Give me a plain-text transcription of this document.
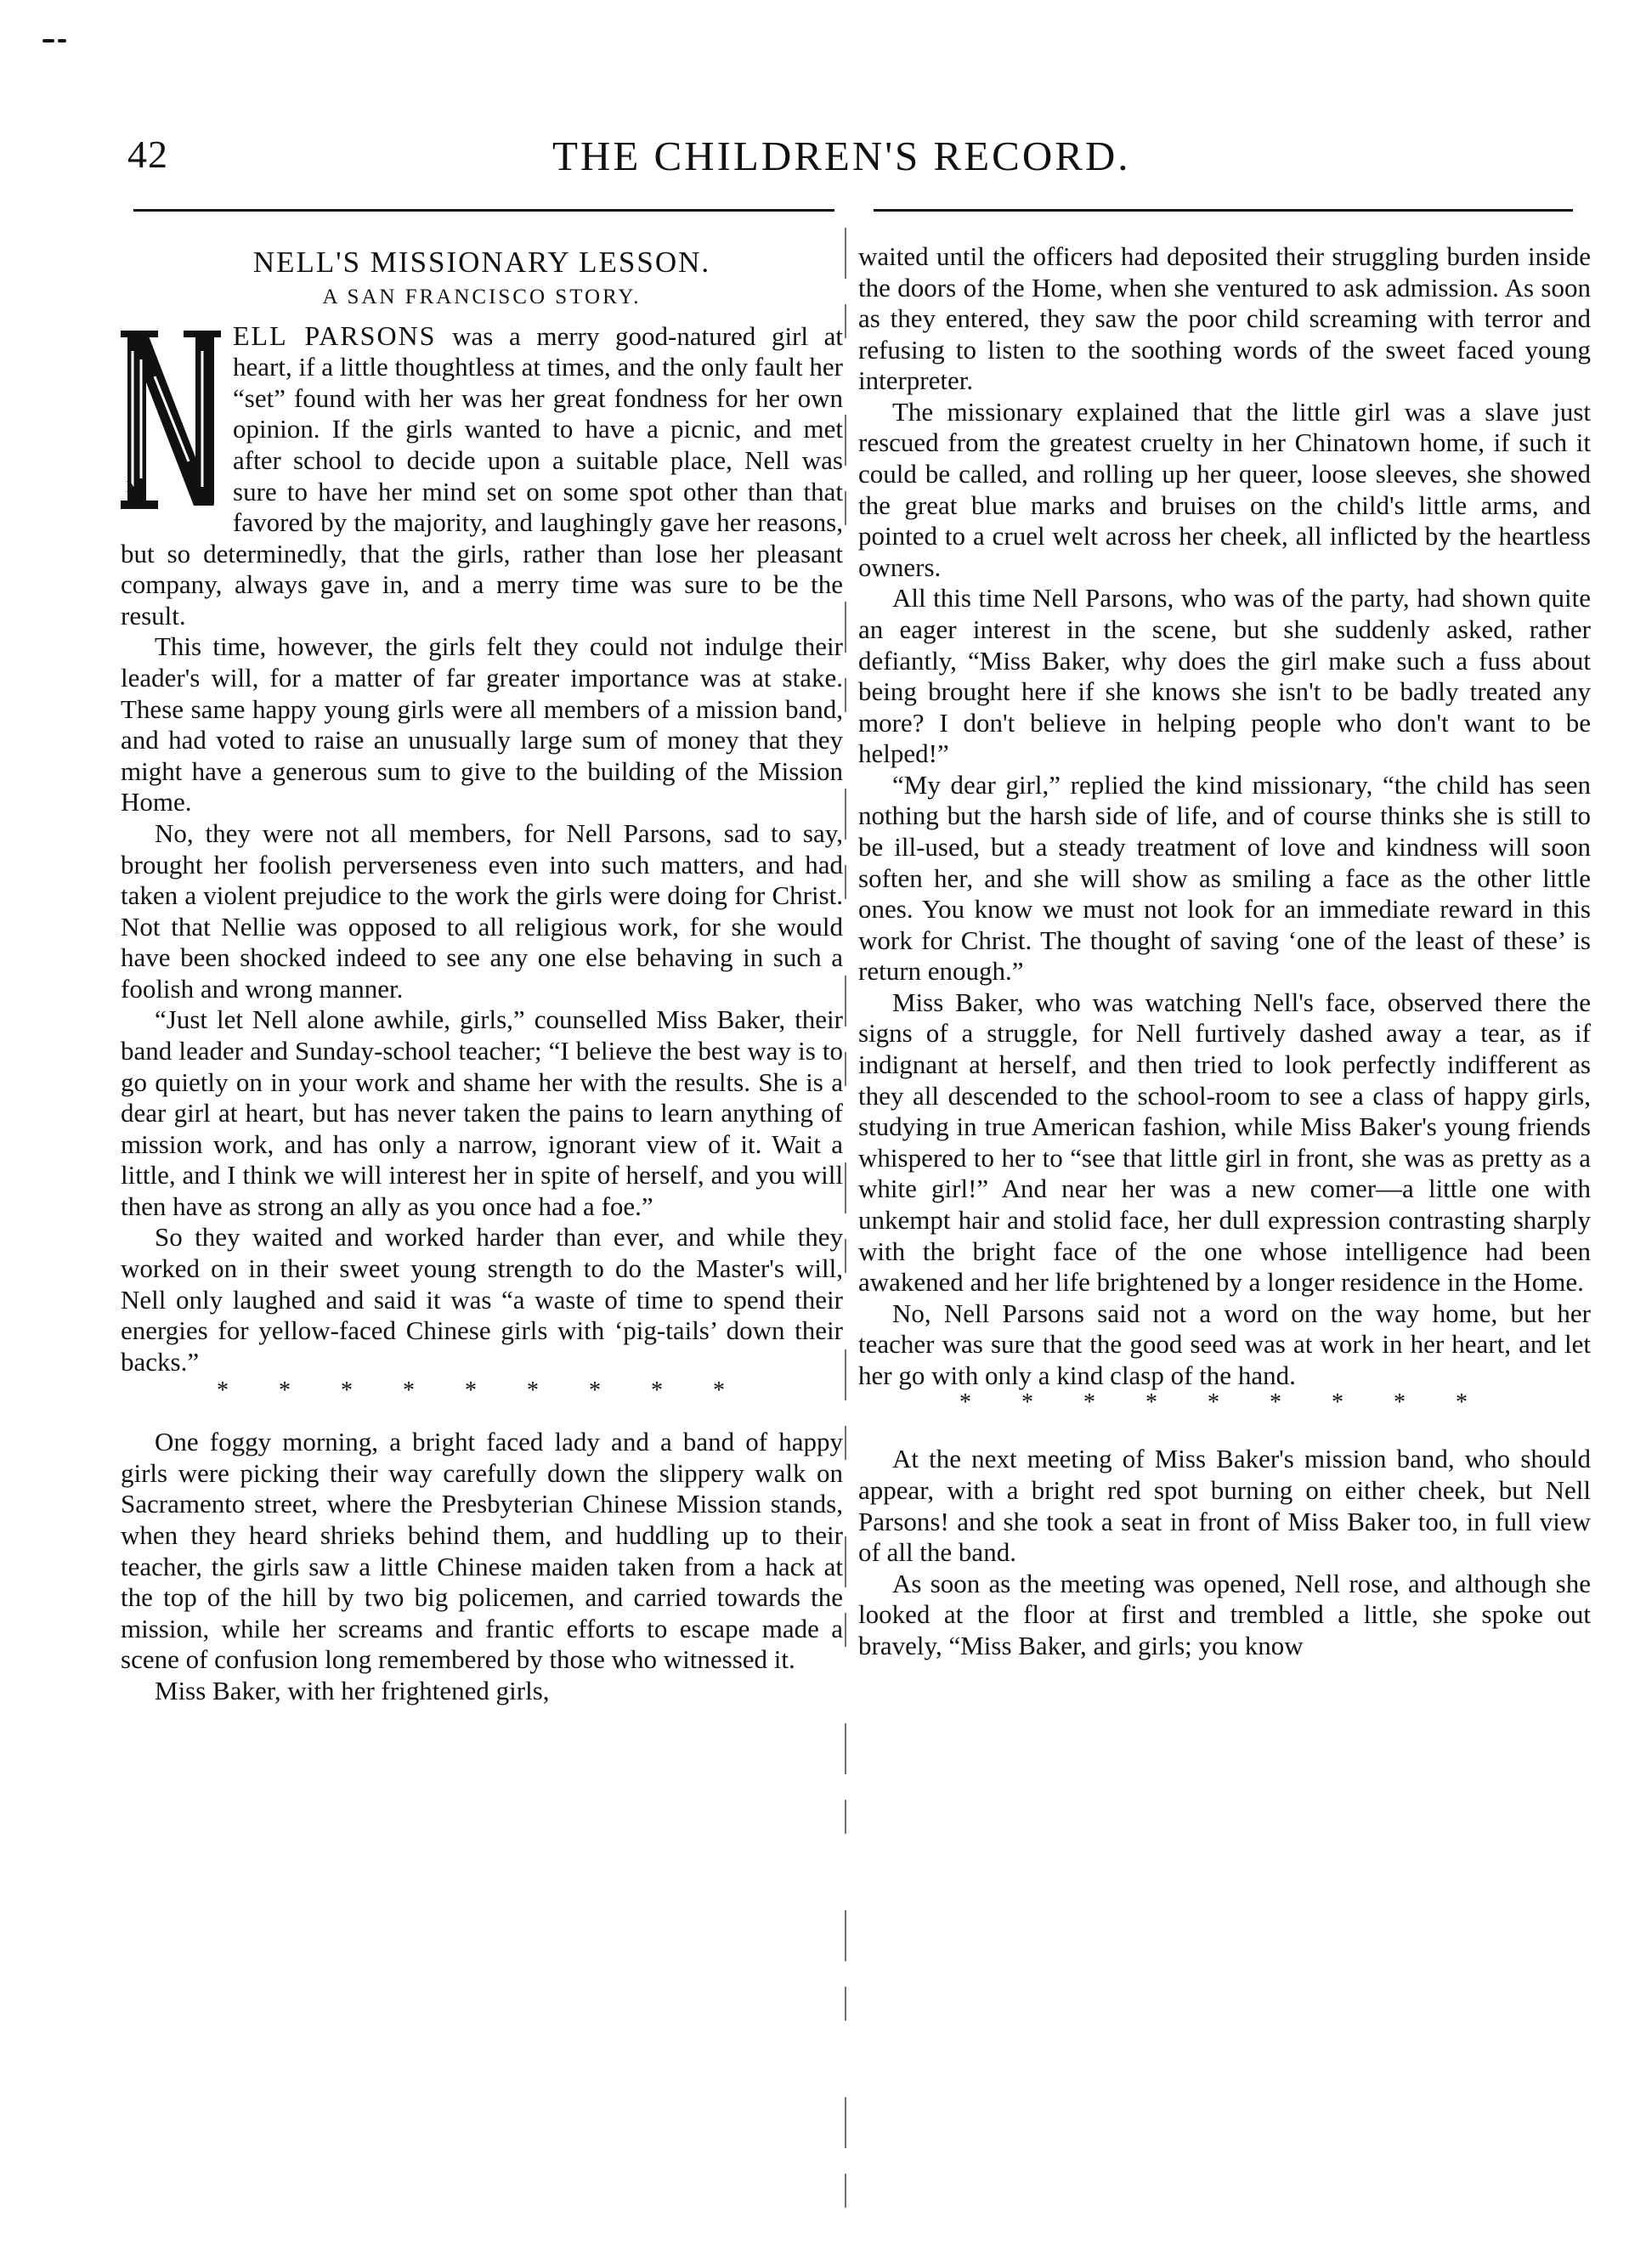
42	THE CHILDREN'S RECORD.
NELL'S MISSIONARY LESSON.
A SAN FRANCISCO STORY.

N
ELL PARSONS was a merry good-natured girl at heart, if a little thoughtless at times, and the only fault her “set” found with her was her great fondness for her own opinion. If the girls wanted to have a picnic, and met after school to decide upon a suitable place, Nell was sure to have her mind set on some spot other than that favored by the majority, and laughingly gave her reasons, but so determinedly, that the girls, rather than lose her pleasant company, always gave in, and a merry time was sure to be the result.

This time, however, the girls felt they could not indulge their leader's will, for a matter of far greater importance was at stake. These same happy young girls were all members of a mission band, and had voted to raise an unusually large sum of money that they might have a generous sum to give to the building of the Mission Home.

No, they were not all members, for Nell Parsons, sad to say, brought her foolish perverseness even into such matters, and had taken a violent prejudice to the work the girls were doing for Christ. Not that Nellie was opposed to all religious work, for she would have been shocked indeed to see any one else behaving in such a foolish and wrong manner.

“Just let Nell alone awhile, girls,” counselled Miss Baker, their band leader and Sunday-school teacher; “I believe the best way is to go quietly on in your work and shame her with the results. She is a dear girl at heart, but has never taken the pains to learn anything of mission work, and has only a narrow, ignorant view of it. Wait a little, and I think we will interest her in spite of herself, and you will then have as strong an ally as you once had a foe.”

So they waited and worked harder than ever, and while they worked on in their sweet young strength to do the Master's will, Nell only laughed and said it was “a waste of time to spend their energies for yellow-faced Chinese girls with ‘pig-tails’ down their backs.”

* * * * * * * * *

One foggy morning, a bright faced lady and a band of happy girls were picking their way carefully down the slippery walk on Sacramento street, where the Presbyterian Chinese Mission stands, when they heard shrieks behind them, and huddling up to their teacher, the girls saw a little Chinese maiden taken from a hack at the top of the hill by two big policemen, and carried towards the mission, while her screams and frantic efforts to escape made a scene of confusion long remembered by those who witnessed it.

Miss Baker, with her frightened girls,

waited until the officers had deposited their struggling burden inside the doors of the Home, when she ventured to ask admission. As soon as they entered, they saw the poor child screaming with terror and refusing to listen to the soothing words of the sweet faced young interpreter.

The missionary explained that the little girl was a slave just rescued from the greatest cruelty in her Chinatown home, if such it could be called, and rolling up her queer, loose sleeves, she showed the great blue marks and bruises on the child's little arms, and pointed to a cruel welt across her cheek, all inflicted by the heartless owners.

All this time Nell Parsons, who was of the party, had shown quite an eager interest in the scene, but she suddenly asked, rather defiantly, “Miss Baker, why does the girl make such a fuss about being brought here if she knows she isn't to be badly treated any more? I don't believe in helping people who don't want to be helped!”

“My dear girl,” replied the kind missionary, “the child has seen nothing but the harsh side of life, and of course thinks she is still to be ill-used, but a steady treatment of love and kindness will soon soften her, and she will show as smiling a face as the other little ones. You know we must not look for an immediate reward in this work for Christ. The thought of saving ‘one of the least of these’ is return enough.”

Miss Baker, who was watching Nell's face, observed there the signs of a struggle, for Nell furtively dashed away a tear, as if indignant at herself, and then tried to look perfectly indifferent as they all descended to the school-room to see a class of happy girls, studying in true American fashion, while Miss Baker's young friends whispered to her to “see that little girl in front, she was as pretty as a white girl!” And near her was a new comer—a little one with unkempt hair and stolid face, her dull expression contrasting sharply with the bright face of the one whose intelligence had been awakened and her life brightened by a longer residence in the Home.

No, Nell Parsons said not a word on the way home, but her teacher was sure that the good seed was at work in her heart, and let her go with only a kind clasp of the hand.

* * * * * * * * *

At the next meeting of Miss Baker's mission band, who should appear, with a bright red spot burning on either cheek, but Nell Parsons! and she took a seat in front of Miss Baker too, in full view of all the band.

As soon as the meeting was opened, Nell rose, and although she looked at the floor at first and trembled a little, she spoke out bravely, “Miss Baker, and girls; you know
